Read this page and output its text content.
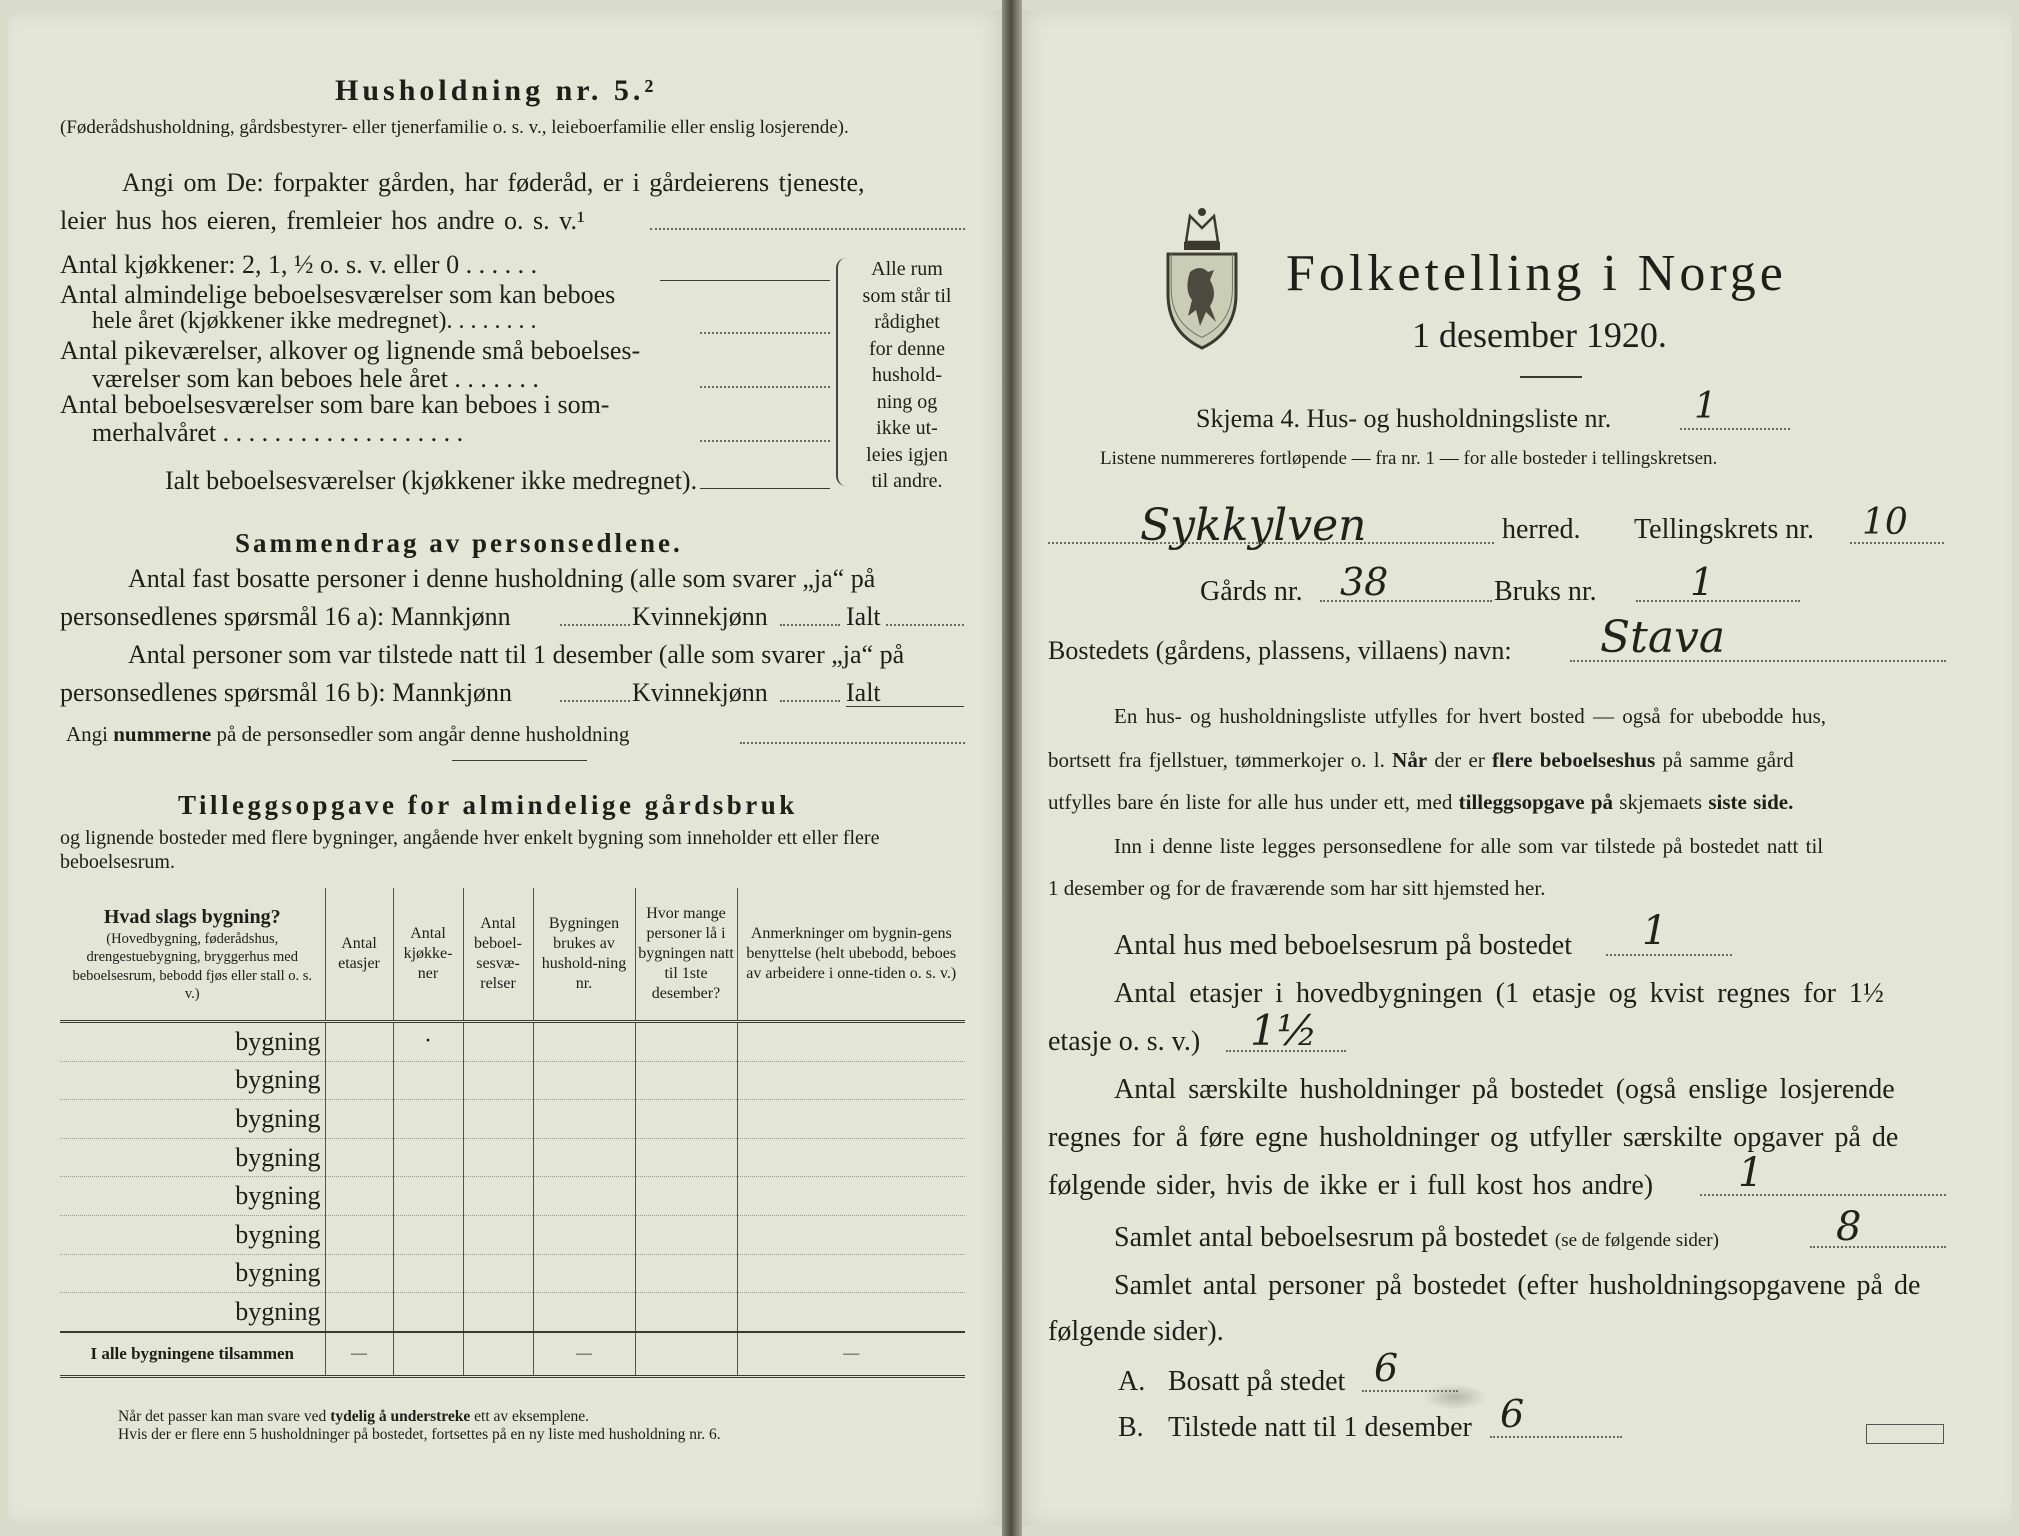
Husholdning nr. 5.²
(Føderådshusholdning, gårdsbestyrer- eller tjenerfamilie o. s. v., leieboerfamilie eller enslig losjerende).
Angi om De: forpakter gården, har føderåd, er i gårdeierens tjeneste,
leier hus hos eieren, fremleier hos andre o. s. v.¹
Antal kjøkkener: 2, 1, ½ o. s. v. eller 0 . . . . . .
Antal almindelige beboelsesværelser som kan beboes
hele året (kjøkkener ikke medregnet). . . . . . . .
Antal pikeværelser, alkover og lignende små beboelses-
værelser som kan beboes hele året . . . . . . .
Antal beboelsesværelser som bare kan beboes i som-
merhalvåret . . . . . . . . . . . . . . . . . . .
Ialt beboelsesværelser (kjøkkener ikke medregnet).
Alle rum
som står til
rådighet
for denne
hushold-
ning og
ikke ut-
leies igjen
til andre.
Sammendrag av personsedlene.
Antal fast bosatte personer i denne husholdning (alle som svarer „ja“ på
personsedlenes spørsmål 16 a): Mannkjønn	Kvinnekjønn	Ialt
Antal personer som var tilstede natt til 1 desember (alle som svarer „ja“ på
personsedlenes spørsmål 16 b): Mannkjønn	Kvinnekjønn	Ialt
Angi nummerne på de personsedler som angår denne husholdning
Tilleggsopgave for almindelige gårdsbruk
og lignende bosteder med flere bygninger, angående hver enkelt bygning som inneholder ett eller flere beboelsesrum.
Hvad slags bygning?
(Hovedbygning, føderådshus, drengestuebygning, bryggerhus med beboelsesrum, bebodd fjøs eller stall o. s. v.)	Antal etasjer	Antal kjøkke-ner	Antal beboel-sesvæ-relser	Bygningen brukes av hushold-ning nr.	Hvor mange personer lå i bygningen natt til 1ste desember?	Anmerkninger om bygnin-gens benyttelse (helt ubebodd, beboes av arbeidere i onne-tiden o. s. v.)
bygning		·				
bygning						
bygning						
bygning						
bygning						
bygning						
bygning						
bygning						
I alle bygningene tilsammen	—			—		—
Når det passer kan man svare ved tydelig å understreke ett av eksemplene.
Hvis der er flere enn 5 husholdninger på bostedet, fortsettes på en ny liste med husholdning nr. 6.
Folketelling i Norge
1 desember 1920.
Skjema 4. Hus- og husholdningsliste nr. 1
Listene nummereres fortløpende — fra nr. 1 — for alle bosteder i tellingskretsen.
Sykkylven	herred. Tellingskrets nr. 10
Gårds nr. 38	Bruks nr. 1
Bostedets (gårdens, plassens, villaens) navn: Stava
En hus- og husholdningsliste utfylles for hvert bosted — også for ubebodde hus,
bortsett fra fjellstuer, tømmerkojer o. l. Når der er flere beboelseshus på samme gård
utfylles bare én liste for alle hus under ett, med tilleggsopgave på skjemaets siste side.
Inn i denne liste legges personsedlene for alle som var tilstede på bostedet natt til
1 desember og for de fraværende som har sitt hjemsted her.
Antal hus med beboelsesrum på bostedet 1
Antal etasjer i hovedbygningen (1 etasje og kvist regnes for 1½
etasje o. s. v.) 1½
Antal særskilte husholdninger på bostedet (også enslige losjerende
regnes for å føre egne husholdninger og utfyller særskilte opgaver på de
følgende sider, hvis de ikke er i full kost hos andre) 1
Samlet antal beboelsesrum på bostedet (se de følgende sider)	8
Samlet antal personer på bostedet (efter husholdningsopgavene på de
følgende sider).
A. Bosatt på stedet 6
B. Tilstede natt til 1 desember 6
